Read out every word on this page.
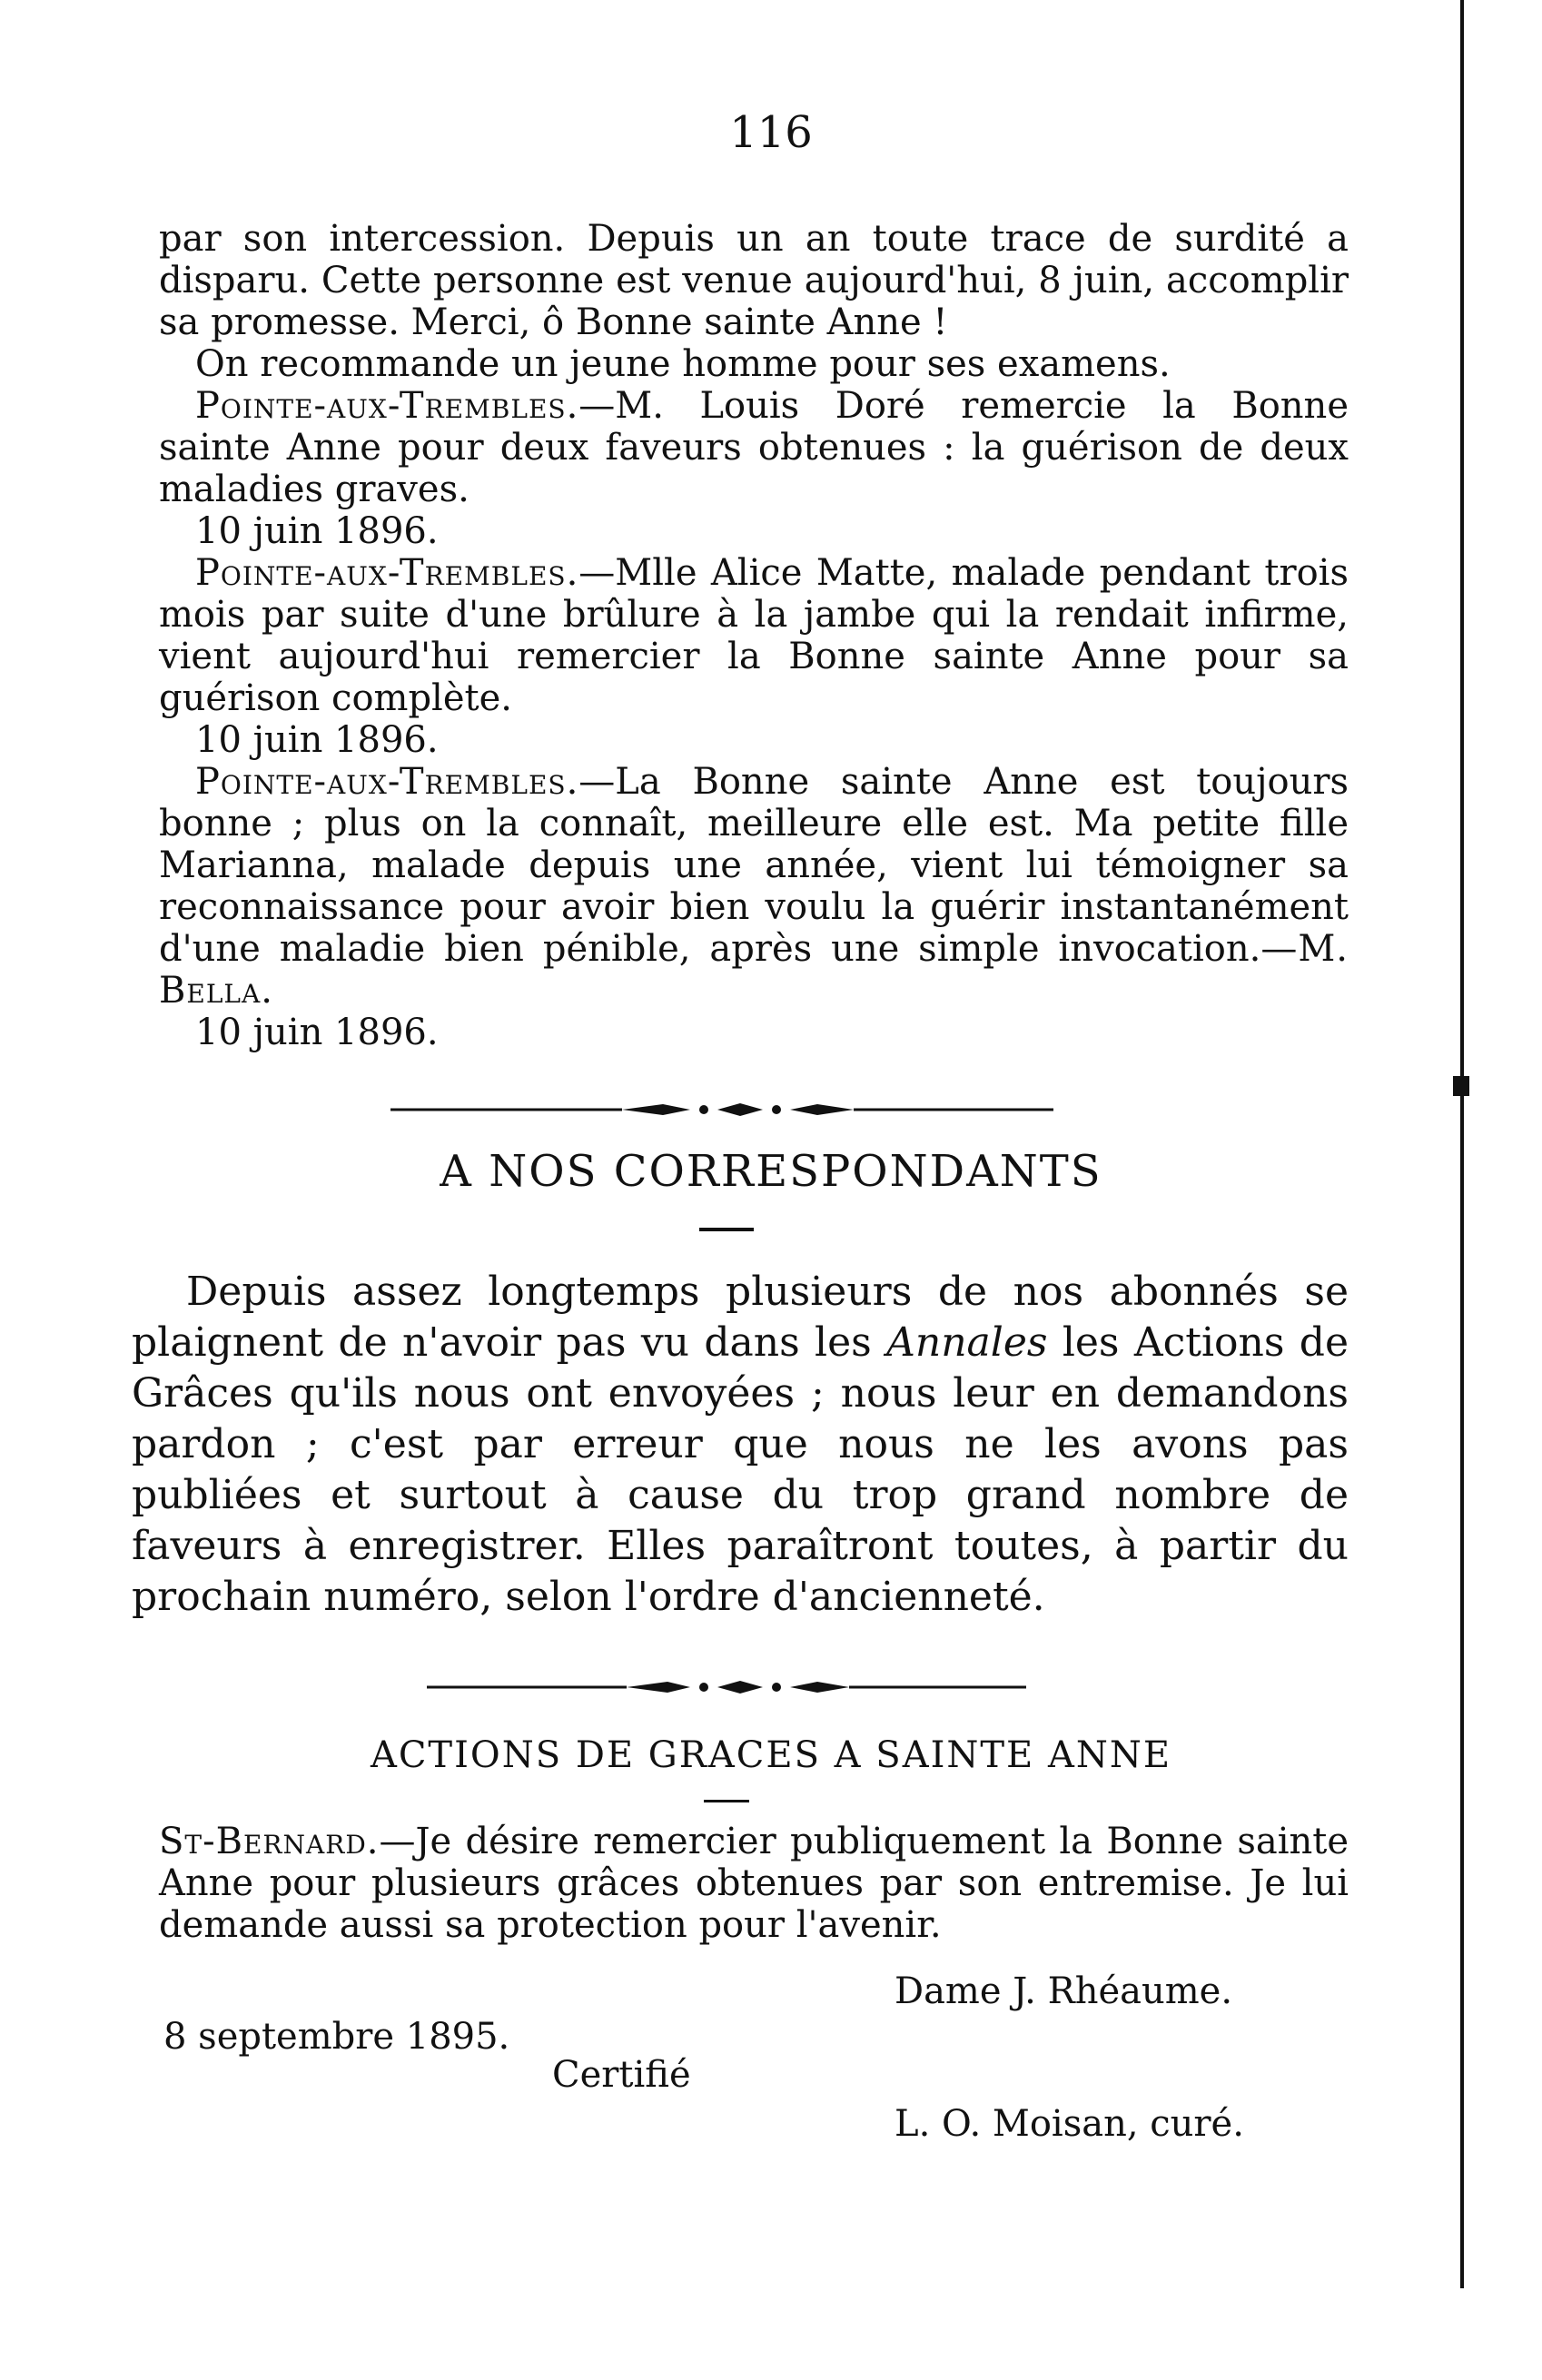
116

par son intercession. Depuis un an toute trace de surdité a disparu. Cette personne est venue aujourd'hui, 8 juin, accomplir sa promesse. Merci, ô Bonne sainte Anne !

On recommande un jeune homme pour ses examens.

Pointe-aux-Trembles.—M. Louis Doré remercie la Bonne sainte Anne pour deux faveurs obtenues : la guérison de deux maladies graves.

10 juin 1896.

Pointe-aux-Trembles.—Mlle Alice Matte, malade pendant trois mois par suite d'une brûlure à la jambe qui la rendait infirme, vient aujourd'hui remercier la Bonne sainte Anne pour sa guérison complète.

10 juin 1896.

Pointe-aux-Trembles.—La Bonne sainte Anne est toujours bonne ; plus on la connaît, meilleure elle est. Ma petite fille Marianna, malade depuis une année, vient lui témoigner sa reconnaissance pour avoir bien voulu la guérir instantanément d'une maladie bien pénible, après une simple invocation.—M. Bella.

10 juin 1896.

A NOS CORRESPONDANTS

Depuis assez longtemps plusieurs de nos abonnés se plaignent de n'avoir pas vu dans les Annales les Actions de Grâces qu'ils nous ont envoyées ; nous leur en demandons pardon ; c'est par erreur que nous ne les avons pas publiées et surtout à cause du trop grand nombre de faveurs à enregistrer. Elles paraîtront toutes, à partir du prochain numéro, selon l'ordre d'ancienneté.

ACTIONS DE GRACES A SAINTE ANNE

St-Bernard.—Je désire remercier publiquement la Bonne sainte Anne pour plusieurs grâces obtenues par son entremise. Je lui demande aussi sa protection pour l'avenir.

Dame J. Rhéaume.
8 septembre 1895.
Certifié
L. O. Moisan, curé.
